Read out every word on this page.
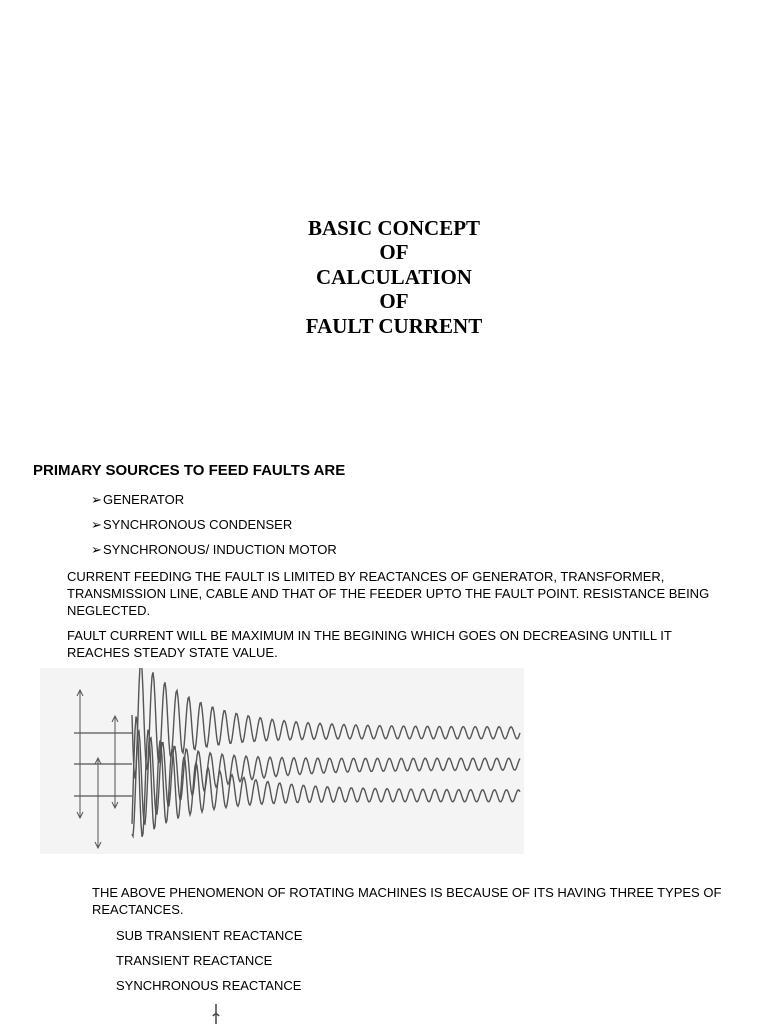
BASIC CONCEPT
OF
CALCULATION
OF
FAULT CURRENT
PRIMARY SOURCES TO FEED FAULTS ARE
➢GENERATOR
➢SYNCHRONOUS CONDENSER
➢SYNCHRONOUS/ INDUCTION MOTOR
CURRENT FEEDING THE FAULT IS LIMITED BY REACTANCES OF GENERATOR, TRANSFORMER, TRANSMISSION LINE, CABLE AND THAT OF THE FEEDER UPTO THE FAULT POINT. RESISTANCE BEING NEGLECTED.
FAULT CURRENT WILL BE MAXIMUM IN THE BEGINING WHICH GOES ON DECREASING UNTILL IT REACHES STEADY STATE VALUE.
THE ABOVE PHENOMENON OF ROTATING MACHINES IS BECAUSE OF ITS HAVING THREE TYPES OF REACTANCES.
SUB TRANSIENT REACTANCE
TRANSIENT REACTANCE
SYNCHRONOUS REACTANCE
